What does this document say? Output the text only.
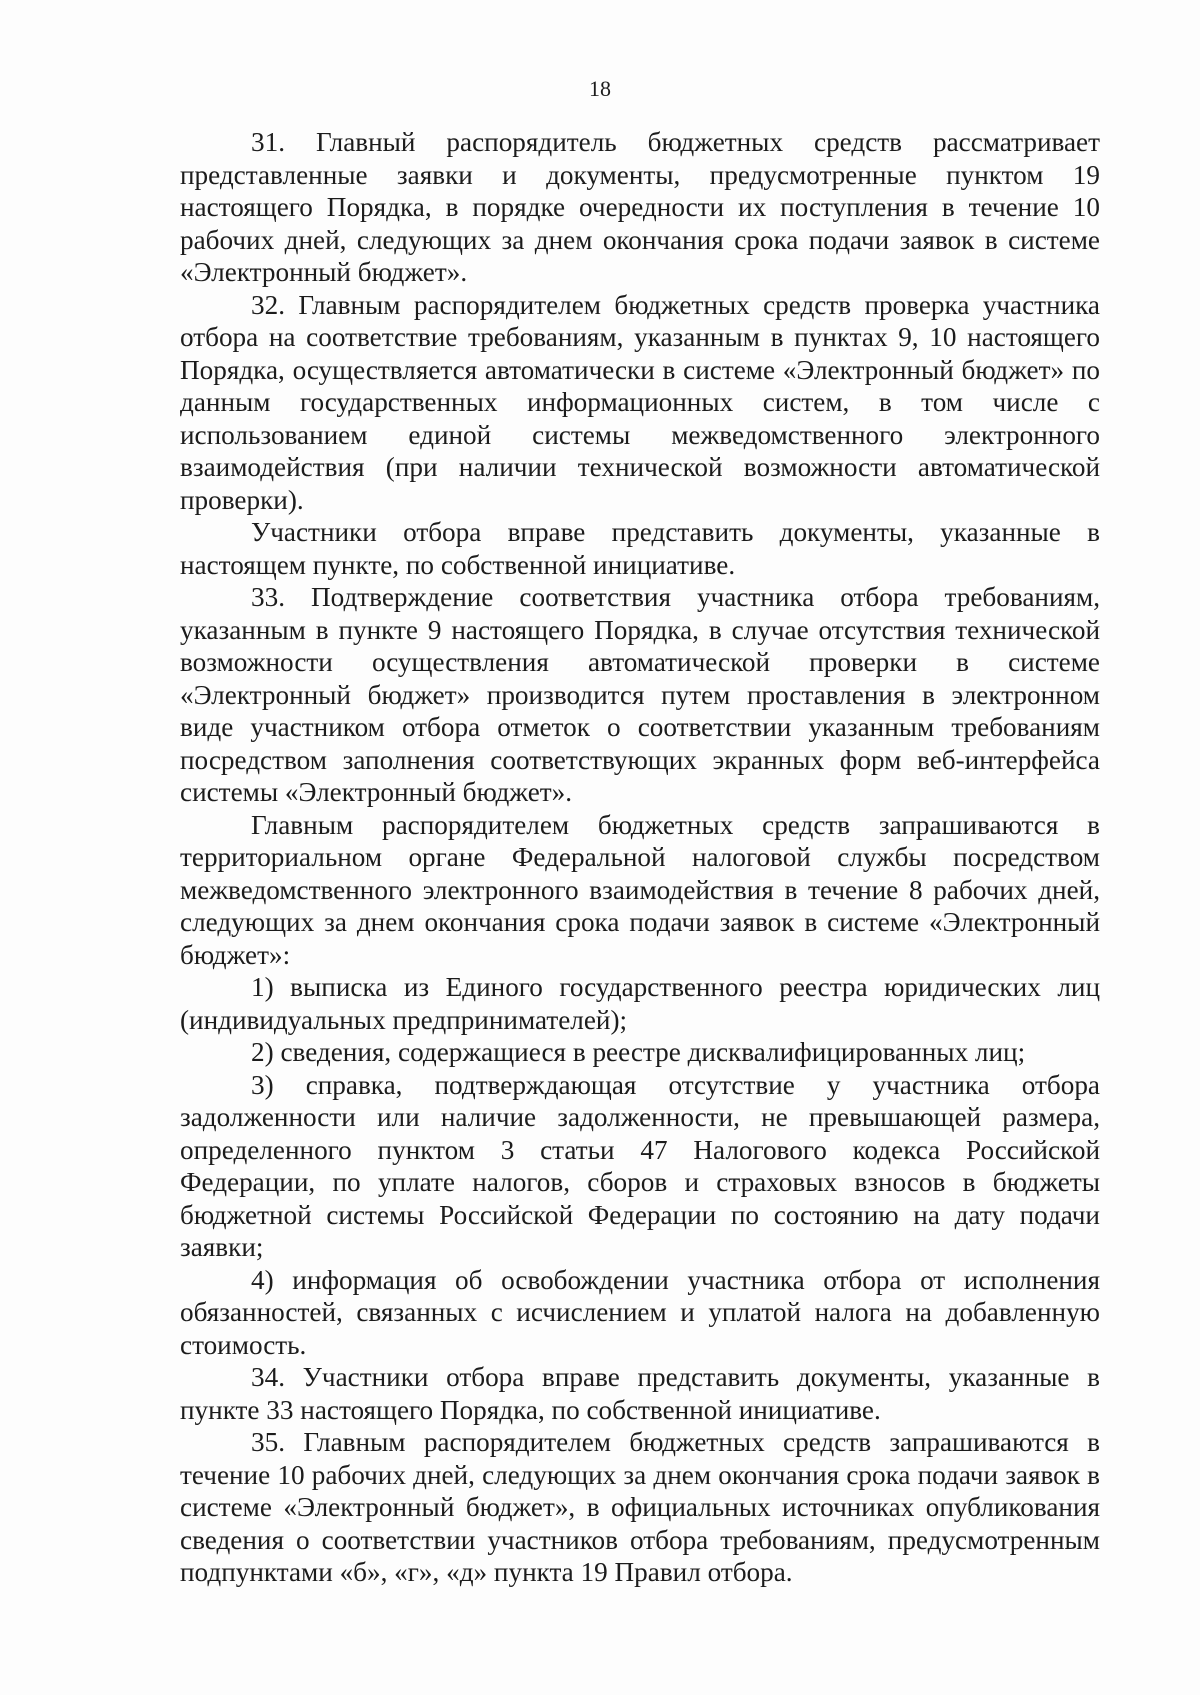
18

31. Главный распорядитель бюджетных средств рассматривает представленные заявки и документы, предусмотренные пунктом 19 настоящего Порядка, в порядке очередности их поступления в течение 10 рабочих дней, следующих за днем окончания срока подачи заявок в системе «Электронный бюджет».

32. Главным распорядителем бюджетных средств проверка участника отбора на соответствие требованиям, указанным в пунктах 9, 10 настоящего Порядка, осуществляется автоматически в системе «Электронный бюджет» по данным государственных информационных систем, в том числе с использованием единой системы межведомственного электронного взаимодействия (при наличии технической возможности автоматической проверки).

Участники отбора вправе представить документы, указанные в настоящем пункте, по собственной инициативе.

33. Подтверждение соответствия участника отбора требованиям, указанным в пункте 9 настоящего Порядка, в случае отсутствия технической возможности осуществления автоматической проверки в системе «Электронный бюджет» производится путем проставления в электронном виде участником отбора отметок о соответствии указанным требованиям посредством заполнения соответствующих экранных форм веб-интерфейса системы «Электронный бюджет».

Главным распорядителем бюджетных средств запрашиваются в территориальном органе Федеральной налоговой службы посредством межведомственного электронного взаимодействия в течение 8 рабочих дней, следующих за днем окончания срока подачи заявок в системе «Электронный бюджет»:

1) выписка из Единого государственного реестра юридических лиц (индивидуальных предпринимателей);

2) сведения, содержащиеся в реестре дисквалифицированных лиц;

3) справка, подтверждающая отсутствие у участника отбора задолженности или наличие задолженности, не превышающей размера, определенного пунктом 3 статьи 47 Налогового кодекса Российской Федерации, по уплате налогов, сборов и страховых взносов в бюджеты бюджетной системы Российской Федерации по состоянию на дату подачи заявки;

4) информация об освобождении участника отбора от исполнения обязанностей, связанных с исчислением и уплатой налога на добавленную стоимость.

34. Участники отбора вправе представить документы, указанные в пункте 33 настоящего Порядка, по собственной инициативе.

35. Главным распорядителем бюджетных средств запрашиваются в течение 10 рабочих дней, следующих за днем окончания срока подачи заявок в системе «Электронный бюджет», в официальных источниках опубликования сведения о соответствии участников отбора требованиям, предусмотренным подпунктами «б», «г», «д» пункта 19 Правил отбора.
